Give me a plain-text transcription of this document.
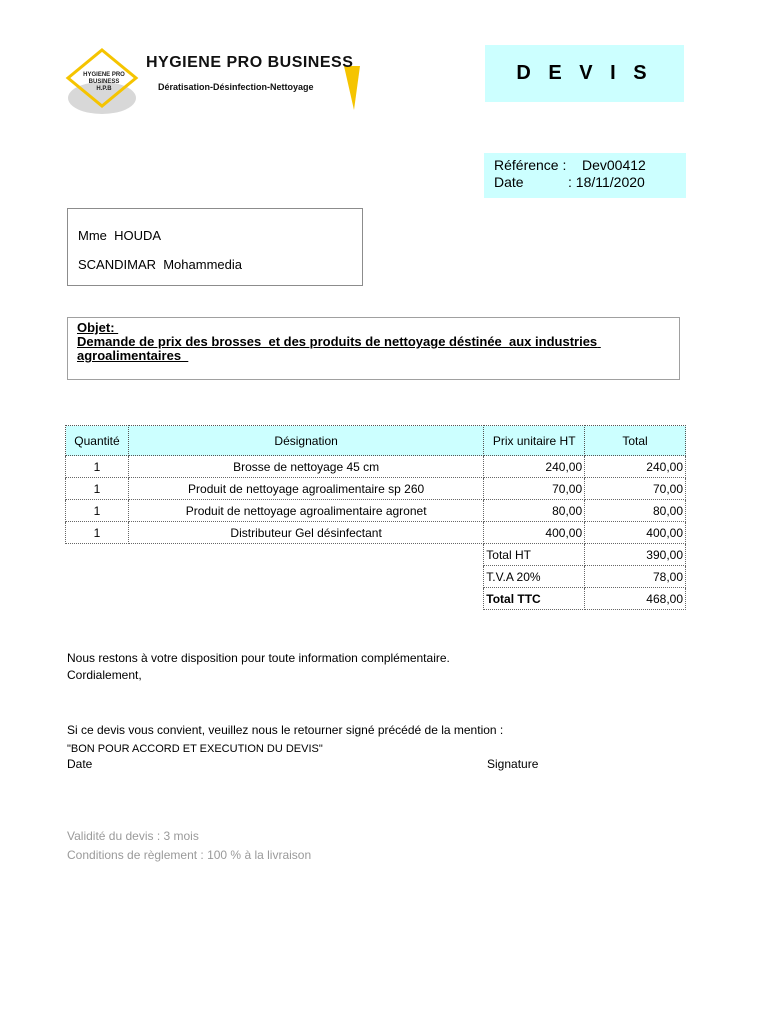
HYGIENE PRO BUSINESS
H.P.B
HYGIENE PRO BUSINESS
Dératisation-Désinfection-Nettoyage
D E V I S
Référence :	Dev00412
Date	: 18/11/2020
Mme  HOUDA
SCANDIMAR  Mohammedia
Objet:
Demande de prix des brosses  et des produits de nettoyage déstinée  aux industries agroalimentaires
Quantité	Désignation	Prix unitaire HT	Total
1	Brosse de nettoyage 45 cm	240,00	240,00
1	Produit de nettoyage agroalimentaire sp 260	70,00	70,00
1	Produit de nettoyage agroalimentaire agronet	80,00	80,00
1	Distributeur Gel désinfectant	400,00	400,00
		Total HT	390,00
		T.V.A 20%	78,00
		Total TTC	468,00
Nous restons à votre disposition pour toute information complémentaire.
Cordialement,
Si ce devis vous convient, veuillez nous le retourner signé précédé de la mention :
"BON POUR ACCORD ET EXECUTION DU DEVIS"
Date	Signature
Validité du devis : 3 mois
Conditions de règlement : 100 % à la livraison
